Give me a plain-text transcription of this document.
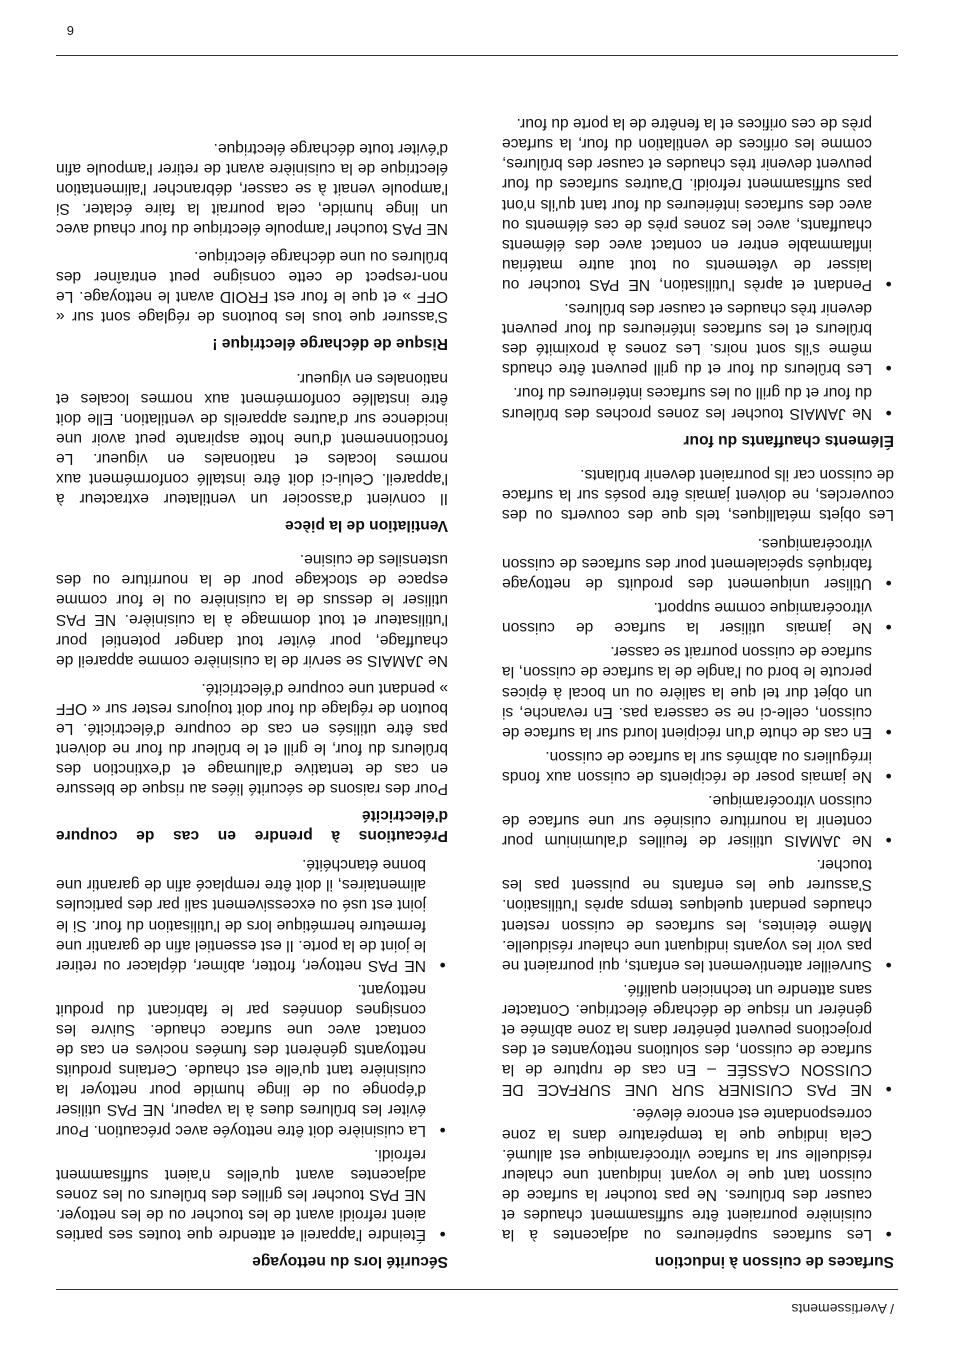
/ Avertissements
Surfaces de cuisson à induction
● Les surfaces supérieures ou adjacentes à la cuisinière pourraient être suffisamment chaudes et causer des brûlures. Ne pas toucher la surface de cuisson tant que le voyant indiquant une chaleur résiduelle sur la surface vitrocéramique est allumé. Cela indique que la température dans la zone correspondante est encore élevée.
● NE PAS CUISINER SUR UNE SURFACE DE CUISSON CASSÉE – En cas de rupture de la surface de cuisson, des solutions nettoyantes et des projections peuvent pénétrer dans la zone abîmée et générer un risque de décharge électrique. Contacter sans attendre un technicien qualifié.
● Surveiller attentivement les enfants, qui pourraient ne pas voir les voyants indiquant une chaleur résiduelle. Même éteintes, les surfaces de cuisson restent chaudes pendant quelques temps après l'utilisation. S'assurer que les enfants ne puissent pas les toucher.
● Ne JAMAIS utiliser de feuilles d'aluminium pour contenir la nourriture cuisinée sur une surface de cuisson vitrocéramique.
● Ne jamais poser de récipients de cuisson aux fonds irréguliers ou abîmés sur la surface de cuisson.
● En cas de chute d'un récipient lourd sur la surface de cuisson, celle-ci ne se cassera pas. En revanche, si un objet dur tel que la salière ou un bocal à épices percute le bord ou l'angle de la surface de cuisson, la surface de cuisson pourrait se casser.
● Ne jamais utiliser la surface de cuisson vitrocéramique comme support.
● Utiliser uniquement des produits de nettoyage fabriqués spécialement pour des surfaces de cuisson vitrocéramiques.

Les objets métalliques, tels que des couverts ou des couvercles, ne doivent jamais être posés sur la surface de cuisson car ils pourraient devenir brûlants.

Éléments chauffants du four
● Ne JAMAIS toucher les zones proches des brûleurs du four et du grill ou les surfaces intérieures du four.
● Les brûleurs du four et du grill peuvent être chauds même s'ils sont noirs. Les zones à proximité des brûleurs et les surfaces intérieures du four peuvent devenir très chaudes et causer des brûlures.
● Pendant et après l'utilisation, NE PAS toucher ou laisser de vêtements ou tout autre matériau inflammable entrer en contact avec des éléments chauffants, avec les zones près de ces éléments ou avec des surfaces intérieures du four tant qu'ils n'ont pas suffisamment refroidi. D'autres surfaces du four peuvent devenir très chaudes et causer des brûlures, comme les orifices de ventilation du four, la surface près de ces orifices et la fenêtre de la porte du four.
Sécurité lors du nettoyage
● Éteindre l'appareil et attendre que toutes ses parties aient refroidi avant de les toucher ou de les nettoyer. NE PAS toucher les grilles des brûleurs ou les zones adjacentes avant qu'elles n'aient suffisamment refroidi.
● La cuisinière doit être nettoyée avec précaution. Pour éviter les brûlures dues à la vapeur, NE PAS utiliser d'éponge ou de linge humide pour nettoyer la cuisinière tant qu'elle est chaude. Certains produits nettoyants génèrent des fumées nocives en cas de contact avec une surface chaude. Suivre les consignes données par le fabricant du produit nettoyant.
● NE PAS nettoyer, frotter, abîmer, déplacer ou retirer le joint de la porte. Il est essentiel afin de garantir une fermeture hermétique lors de l'utilisation du four. Si le joint est usé ou excessivement sali par des particules alimentaires, il doit être remplacé afin de garantir une bonne étanchéité.
Précautions à prendre en cas de coupure d'électricité

Pour des raisons de sécurité liées au risque de blessure en cas de tentative d'allumage et d'extinction des brûleurs du four, le grill et le brûleur du four ne doivent pas être utilisés en cas de coupure d'électricité. Le bouton de réglage du four doit toujours rester sur « OFF » pendant une coupure d'électricité.

Ne JAMAIS se servir de la cuisinière comme appareil de chauffage, pour éviter tout danger potentiel pour l'utilisateur et tout dommage à la cuisinière. NE PAS utiliser le dessus de la cuisinière ou le four comme espace de stockage pour de la nourriture ou des ustensiles de cuisine.

Ventilation de la pièce

Il convient d'associer un ventilateur extracteur à l'appareil. Celui-ci doit être installé conformément aux normes locales et nationales en vigueur. Le fonctionnement d'une hotte aspirante peut avoir une incidence sur d'autres appareils de ventilation. Elle doit être installée conformément aux normes locales et nationales en vigueur.

Risque de décharge électrique !

S'assurer que tous les boutons de réglage sont sur « OFF » et que le four est FROID avant le nettoyage. Le non-respect de cette consigne peut entraîner des brûlures ou une décharge électrique.

NE PAS toucher l'ampoule électrique du four chaud avec un linge humide, cela pourrait la faire éclater. Si l'ampoule venait à se casser, débrancher l'alimentation électrique de la cuisinière avant de retirer l'ampoule afin d'éviter toute décharge électrique.

6
